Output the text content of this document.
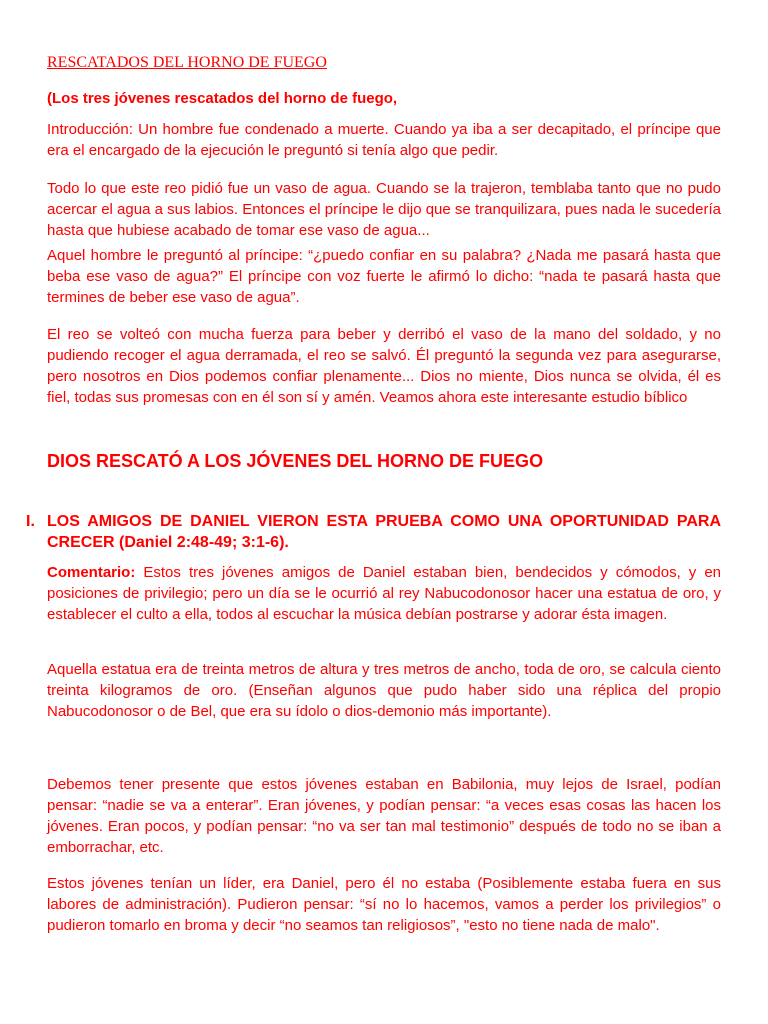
RESCATADOS DEL HORNO DE FUEGO

(Los tres jóvenes rescatados del horno de fuego,

Introducción: Un hombre fue condenado a muerte. Cuando ya iba a ser decapitado, el príncipe que era el encargado de la ejecución le preguntó si tenía algo que pedir.

Todo lo que este reo pidió fue un vaso de agua. Cuando se la trajeron, temblaba tanto que no pudo acercar el agua a sus labios. Entonces el príncipe le dijo que se tranquilizara, pues nada le sucedería hasta que hubiese acabado de tomar ese vaso de agua...

Aquel hombre le preguntó al príncipe: “¿puedo confiar en su palabra? ¿Nada me pasará hasta que beba ese vaso de agua?” El príncipe con voz fuerte le afirmó lo dicho: “nada te pasará hasta que termines de beber ese vaso de agua”.

El reo se volteó con mucha fuerza para beber y derribó el vaso de la mano del soldado, y no pudiendo recoger el agua derramada, el reo se salvó. Él preguntó la segunda vez para asegurarse, pero nosotros en Dios podemos confiar plenamente... Dios no miente, Dios nunca se olvida, él es fiel, todas sus promesas con en él son sí y amén. Veamos ahora este interesante estudio bíblico

DIOS RESCATÓ A LOS JÓVENES DEL HORNO DE FUEGO
I. LOS AMIGOS DE DANIEL VIERON ESTA PRUEBA COMO UNA OPORTUNIDAD PARA CRECER (Daniel 2:48-49; 3:1-6).

Comentario: Estos tres jóvenes amigos de Daniel estaban bien, bendecidos y cómodos, y en posiciones de privilegio; pero un día se le ocurrió al rey Nabucodonosor hacer una estatua de oro, y establecer el culto a ella, todos al escuchar la música debían postrarse y adorar ésta imagen.

Aquella estatua era de treinta metros de altura y tres metros de ancho, toda de oro, se calcula ciento treinta kilogramos de oro. (Enseñan algunos que pudo haber sido una réplica del propio Nabucodonosor o de Bel, que era su ídolo o dios-demonio más importante).

Debemos tener presente que estos jóvenes estaban en Babilonia, muy lejos de Israel, podían pensar: “nadie se va a enterar”. Eran jóvenes, y podían pensar: “a veces esas cosas las hacen los jóvenes. Eran pocos, y podían pensar: “no va ser tan mal testimonio” después de todo no se iban a emborrachar, etc.

Estos jóvenes tenían un líder, era Daniel, pero él no estaba (Posiblemente estaba fuera en sus labores de administración). Pudieron pensar: “sí no lo hacemos, vamos a perder los privilegios” o pudieron tomarlo en broma y decir “no seamos tan religiosos”, "esto no tiene nada de malo".
